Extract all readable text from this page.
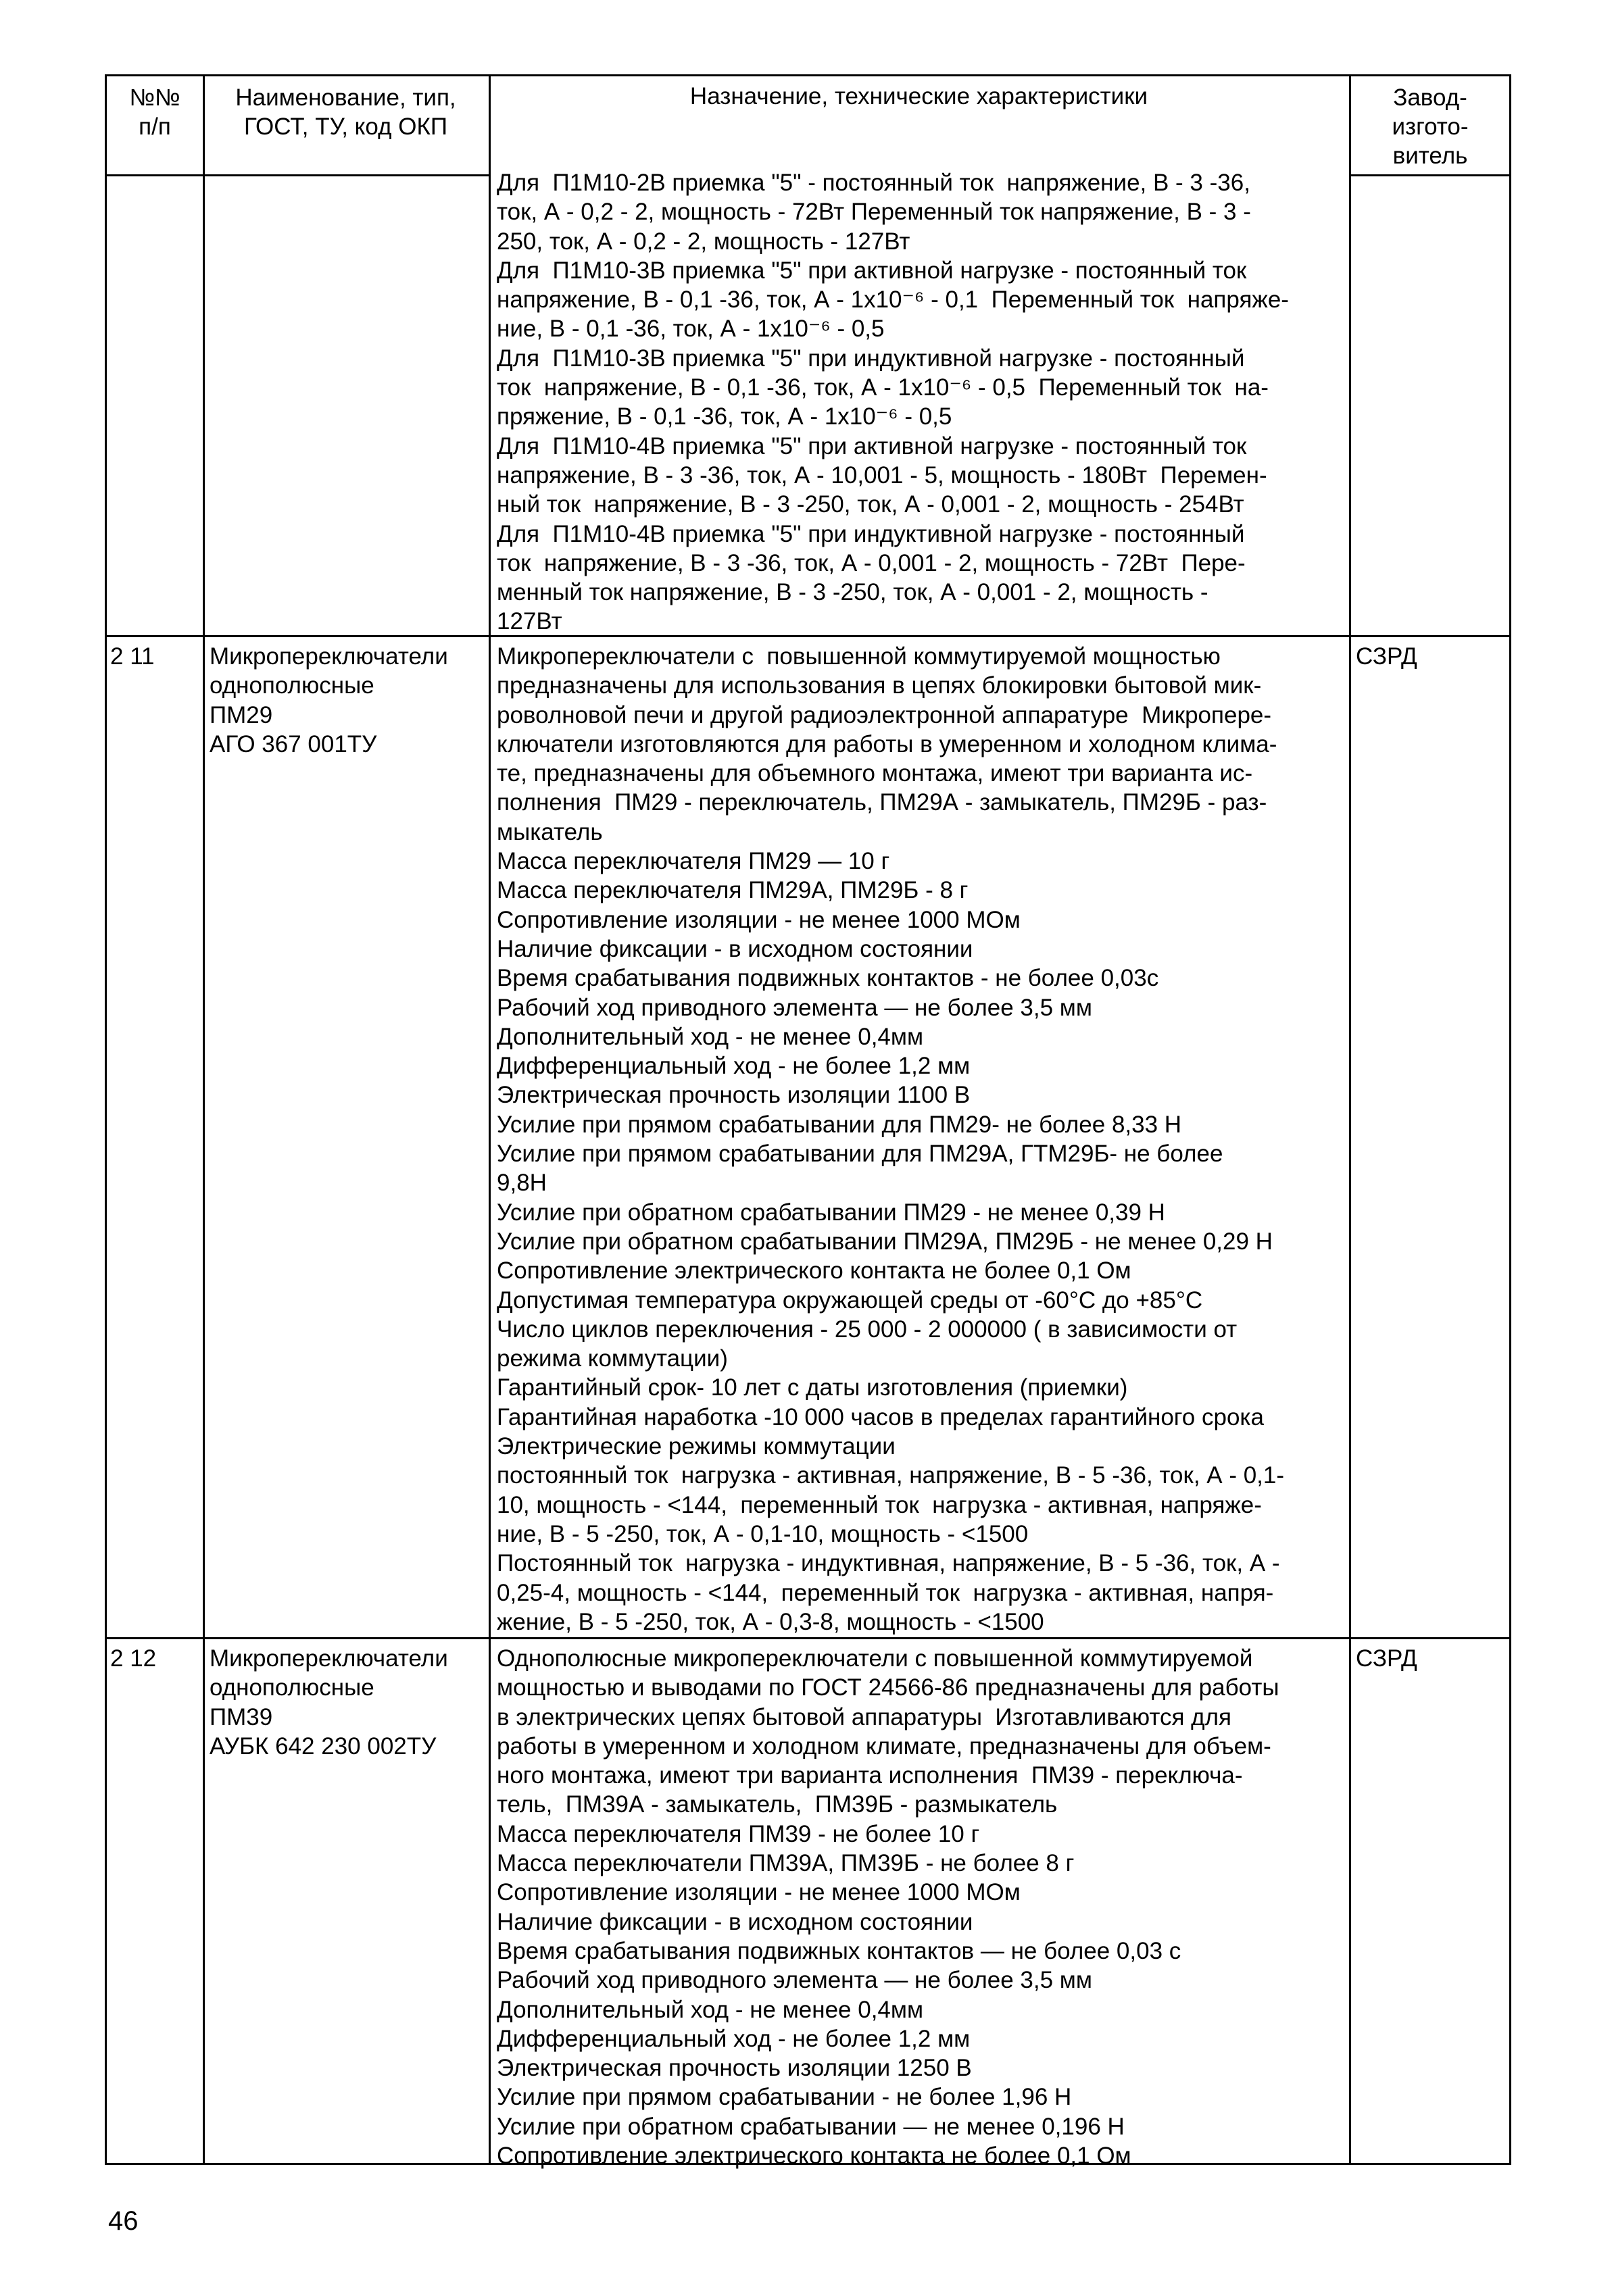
№№
п/п
Наименование, тип,
ГОСТ, ТУ, код ОКП
Назначение, технические характеристики	Завод-
изгото-
витель
Для  П1М10-2В приемка "5" - постоянный ток  напряжение, В - 3 -36,
ток, А - 0,2 - 2, мощность - 72Вт Переменный ток напряжение, В - 3 -
250, ток, А - 0,2 - 2, мощность - 127Вт
Для  П1М10-3В приемка "5" при активной нагрузке - постоянный ток
напряжение, В - 0,1 -36, ток, А - 1x10⁻⁶ - 0,1  Переменный ток  напряже-
ние, В - 0,1 -36, ток, А - 1x10⁻⁶ - 0,5
Для  П1М10-3В приемка "5" при индуктивной нагрузке - постоянный
ток  напряжение, В - 0,1 -36, ток, А - 1x10⁻⁶ - 0,5  Переменный ток  на-
пряжение, В - 0,1 -36, ток, А - 1x10⁻⁶ - 0,5
Для  П1М10-4В приемка "5" при активной нагрузке - постоянный ток
напряжение, В - 3 -36, ток, А - 10,001 - 5, мощность - 180Вт  Перемен-
ный ток  напряжение, В - 3 -250, ток, А - 0,001 - 2, мощность - 254Вт
Для  П1М10-4В приемка "5" при индуктивной нагрузке - постоянный
ток  напряжение, В - 3 -36, ток, А - 0,001 - 2, мощность - 72Вт  Пере-
менный ток напряжение, В - 3 -250, ток, А - 0,001 - 2, мощность -
127Вт
2 11 Микропереключатели
однополюсные
ПМ29
АГО 367 001ТУ
Микропереключатели с  повышенной коммутируемой мощностью
предназначены для использования в цепях блокировки бытовой мик-
роволновой печи и другой радиоэлектронной аппаратуре  Микропере-
ключатели изготовляются для работы в умеренном и холодном клима-
те, предназначены для объемного монтажа, имеют три варианта ис-
полнения  ПМ29 - переключатель, ПМ29А - замыкатель, ПМ29Б - раз-
мыкатель
Масса переключателя ПМ29 — 10 г
Масса переключателя ПМ29А, ПМ29Б - 8 г
Сопротивление изоляции - не менее 1000 МОм
Наличие фиксации - в исходном состоянии
Время срабатывания подвижных контактов - не более 0,03с
Рабочий ход приводного элемента — не более 3,5 мм
Дополнительный ход - не менее 0,4мм
Дифференциальный ход - не более 1,2 мм
Электрическая прочность изоляции 1100 В
Усилие при прямом срабатывании для ПМ29- не более 8,33 Н
Усилие при прямом срабатывании для ПМ29А, ГТМ29Б- не более
9,8Н
Усилие при обратном срабатывании ПМ29 - не менее 0,39 Н
Усилие при обратном срабатывании ПМ29А, ПМ29Б - не менее 0,29 Н
Сопротивление электрического контакта не более 0,1 Ом
Допустимая температура окружающей среды от -60°С до +85°С
Число циклов переключения - 25 000 - 2 000000 ( в зависимости от
режима коммутации)
Гарантийный срок- 10 лет с даты изготовления (приемки)
Гарантийная наработка -10 000 часов в пределах гарантийного срока
Электрические режимы коммутации
постоянный ток  нагрузка - активная, напряжение, В - 5 -36, ток, А - 0,1-
10, мощность - <144,  переменный ток  нагрузка - активная, напряже-
ние, В - 5 -250, ток, А - 0,1-10, мощность - <1500
Постоянный ток  нагрузка - индуктивная, напряжение, В - 5 -36, ток, А -
0,25-4, мощность - <144,  переменный ток  нагрузка - активная, напря-
жение, В - 5 -250, ток, А - 0,3-8, мощность - <1500
СЗРД
2 12 Микропереключатели
однополюсные
ПМ39
АУБК 642 230 002ТУ
Однополюсные микропереключатели с повышенной коммутируемой
мощностью и выводами по ГОСТ 24566-86 предназначены для работы
в электрических цепях бытовой аппаратуры  Изготавливаются для
работы в умеренном и холодном климате, предназначены для объем-
ного монтажа, имеют три варианта исполнения  ПМ39 - переключа-
тель,  ПМ39А - замыкатель,  ПМ39Б - размыкатель
Масса переключателя ПМ39 - не более 10 г
Масса переключатели ПМ39А, ПМ39Б - не более 8 г
Сопротивление изоляции - не менее 1000 МОм
Наличие фиксации - в исходном состоянии
Время срабатывания подвижных контактов — не более 0,03 с
Рабочий ход приводного элемента — не более 3,5 мм
Дополнительный ход - не менее 0,4мм
Дифференциальный ход - не более 1,2 мм
Электрическая прочность изоляции 1250 В
Усилие при прямом срабатывании - не более 1,96 Н
Усилие при обратном срабатывании — не менее 0,196 Н
Сопротивление электрического контакта не более 0,1 Ом
СЗРД
46
